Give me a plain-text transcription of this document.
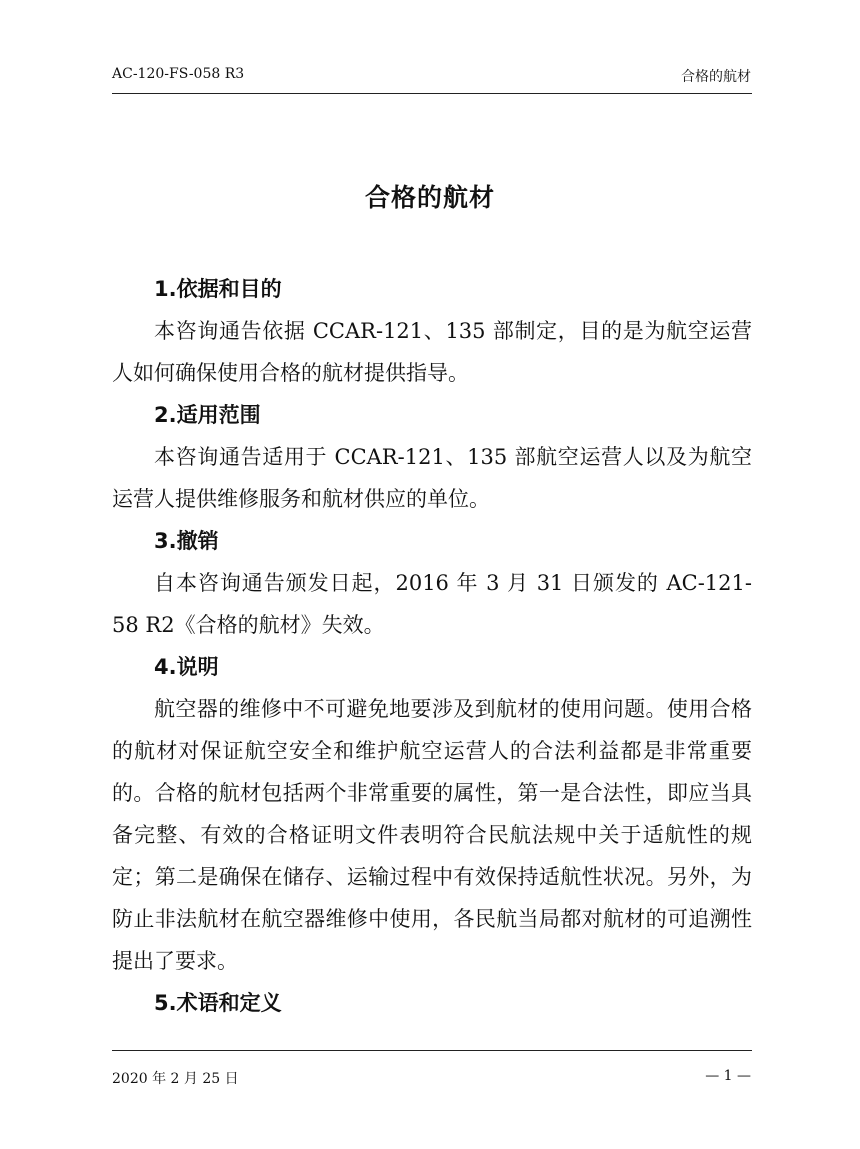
AC-120-FS-058 R3	合格的航材
合格的航材

1.依据和目的

本咨询通告依据 CCAR-121、135 部制定，目的是为航空运营人如何确保使用合格的航材提供指导。

2.适用范围

本咨询通告适用于 CCAR-121、135 部航空运营人以及为航空运营人提供维修服务和航材供应的单位。

3.撤销

自本咨询通告颁发日起，2016 年 3 月 31 日颁发的 AC-121-58 R2《合格的航材》失效。

4.说明

航空器的维修中不可避免地要涉及到航材的使用问题。使用合格的航材对保证航空安全和维护航空运营人的合法利益都是非常重要的。合格的航材包括两个非常重要的属性，第一是合法性，即应当具备完整、有效的合格证明文件表明符合民航法规中关于适航性的规定；第二是确保在储存、运输过程中有效保持适航性状况。另外，为防止非法航材在航空器维修中使用，各民航当局都对航材的可追溯性提出了要求。

5.术语和定义

2020 年 2 月 25 日	— 1 —
